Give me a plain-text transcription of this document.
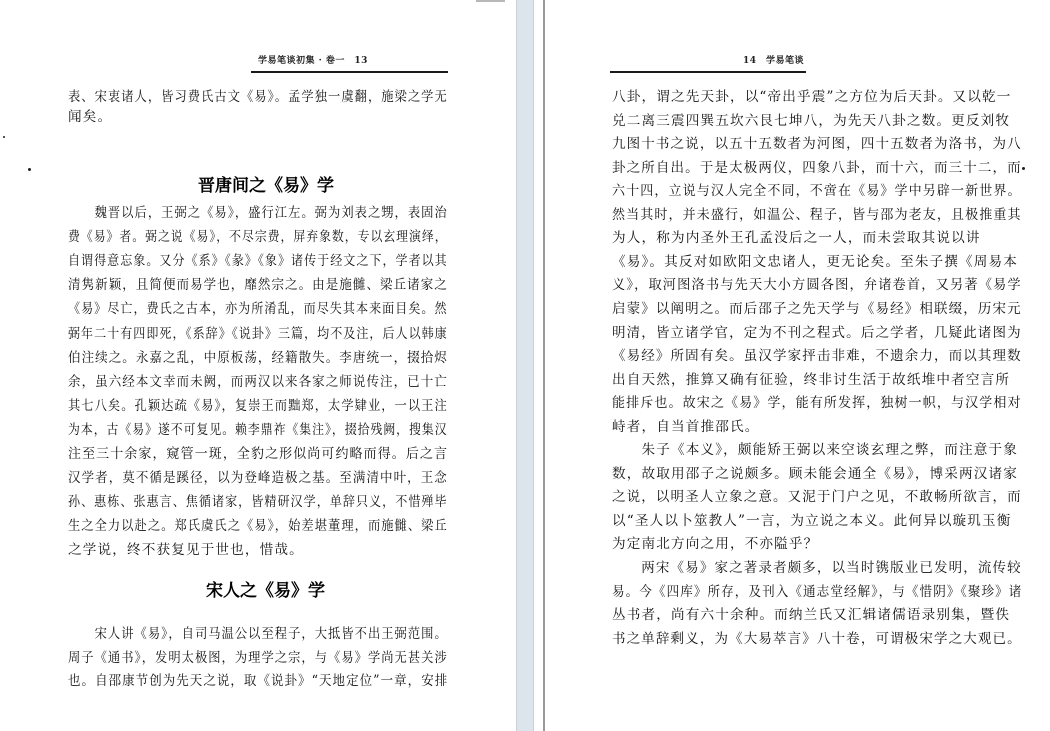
学易笔谈初集 · 卷一　13
表、宋衷诸人，皆习费氏古文《易》。孟学独一虞翻，施梁之学无
闻矣。
晋唐间之《易》学
　　魏晋以后，王弼之《易》，盛行江左。弼为刘表之甥，表固治
费《易》者。弼之说《易》，不尽宗费，屏弃象数，专以玄理演绎，
自谓得意忘象。又分《系》《彖》《象》诸传于经文之下，学者以其
清隽新颖，且简便而易学也，靡然宗之。由是施雠、梁丘诸家之
《易》尽亡，费氏之古本，亦为所淆乱，而尽失其本来面目矣。然
弼年二十有四即死，《系辞》《说卦》三篇，均不及注，后人以韩康
伯注续之。永嘉之乱，中原板荡，经籍散失。李唐统一，掇拾烬
余，虽六经本文幸而未阙，而两汉以来各家之师说传注，已十亡
其七八矣。孔颖达疏《易》，复崇王而黜郑，太学肄业，一以王注
为本，古《易》遂不可复见。赖李鼎祚《集注》，掇拾残阙，搜集汉
注至三十余家，窥管一斑，全豹之形似尚可约略而得。后之言
汉学者，莫不循是蹊径，以为登峰造极之基。至满清中叶，王念
孙、惠栋、张惠言、焦循诸家，皆精研汉学，单辞只义，不惜殚毕
生之全力以赴之。郑氏虞氏之《易》，始差堪董理，而施雠、梁丘
之学说，终不获复见于世也，惜哉。
宋人之《易》学
　　宋人讲《易》，自司马温公以至程子，大抵皆不出王弼范围。
周子《通书》，发明太极图，为理学之宗，与《易》学尚无甚关涉
也。自邵康节创为先天之说，取《说卦》“天地定位”一章，安排
14　学易笔谈
八卦，谓之先天卦，以“帝出乎震”之方位为后天卦。又以乾一
兑二离三震四巽五坎六艮七坤八，为先天八卦之数。更反刘牧
九图十书之说，以五十五数者为河图，四十五数者为洛书，为八
卦之所自出。于是太极两仪，四象八卦，而十六，而三十二，而
六十四，立说与汉人完全不同，不啻在《易》学中另辟一新世界。
然当其时，并未盛行，如温公、程子，皆与邵为老友，且极推重其
为人，称为内圣外王孔孟没后之一人，而未尝取其说以讲
《易》。其反对如欧阳文忠诸人，更无论矣。至朱子撰《周易本
义》，取河图洛书与先天大小方圆各图，弁诸卷首，又另著《易学
启蒙》以阐明之。而后邵子之先天学与《易经》相联缀，历宋元
明清，皆立诸学官，定为不刊之程式。后之学者，几疑此诸图为
《易经》所固有矣。虽汉学家抨击非难，不遗余力，而以其理数
出自天然，推算又确有征验，终非讨生活于故纸堆中者空言所
能排斥也。故宋之《易》学，能有所发挥，独树一帜，与汉学相对
峙者，自当首推邵氏。
　　朱子《本义》，颇能矫王弼以来空谈玄理之弊，而注意于象
数，故取用邵子之说颇多。顾未能会通全《易》，博采两汉诸家
之说，以明圣人立象之意。又泥于门户之见，不敢畅所欲言，而
以“圣人以卜筮教人”一言，为立说之本义。此何异以璇玑玉衡
为定南北方向之用，不亦隘乎？
　　两宋《易》家之著录者颇多，以当时镌版业已发明，流传较
易。今《四库》所存，及刊入《通志堂经解》，与《惜阴》《聚珍》诸
丛书者，尚有六十余种。而纳兰氏又汇辑诸儒语录别集，暨佚
书之单辞剩义，为《大易萃言》八十卷，可谓极宋学之大观已。
